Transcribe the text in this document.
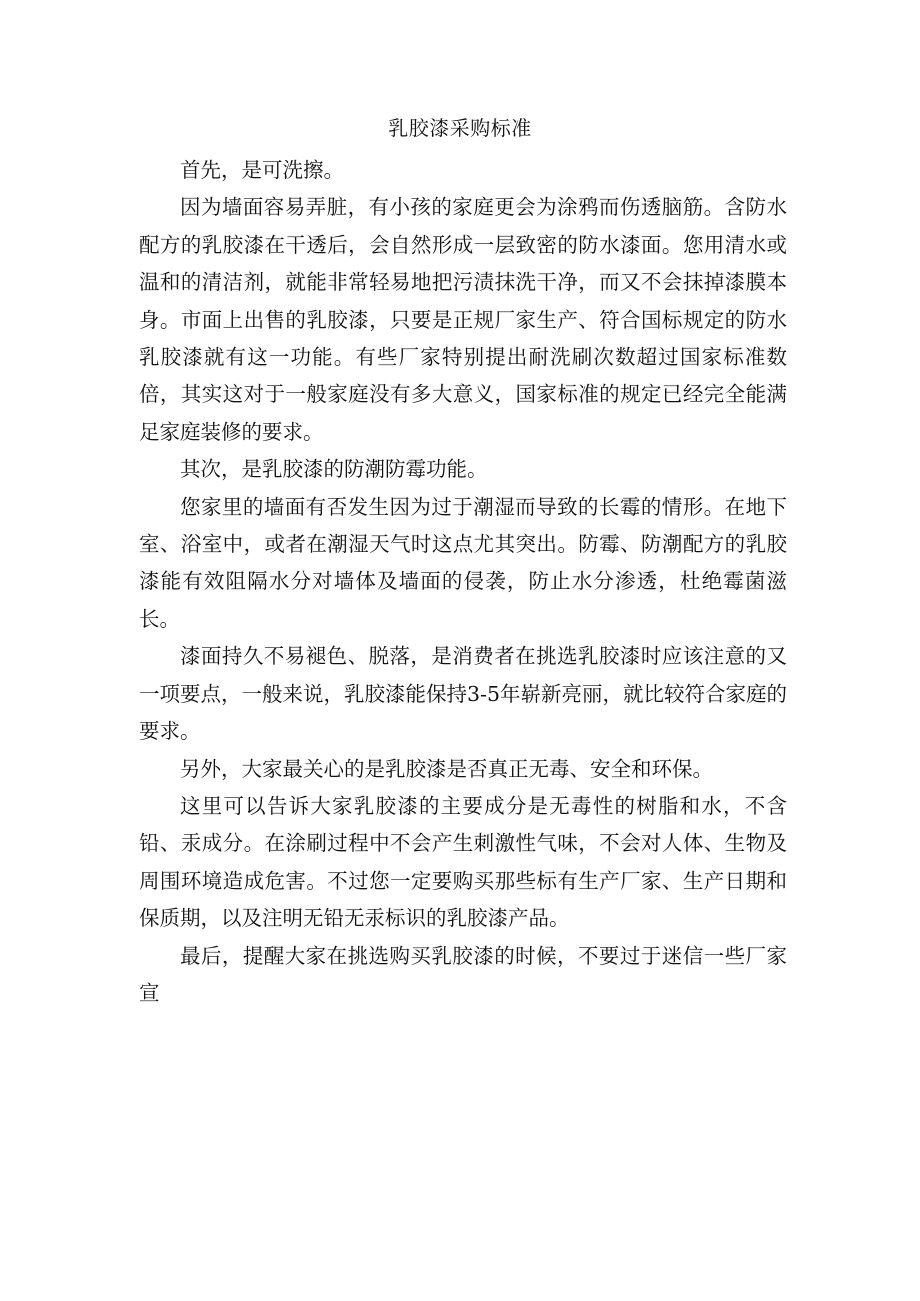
乳胶漆采购标准

首先，是可洗擦。

因为墙面容易弄脏，有小孩的家庭更会为涂鸦而伤透脑筋。含防水配方的乳胶漆在干透后，会自然形成一层致密的防水漆面。您用清水或温和的清洁剂，就能非常轻易地把污渍抹洗干净，而又不会抹掉漆膜本身。市面上出售的乳胶漆，只要是正规厂家生产、符合国标规定的防水乳胶漆就有这一功能。有些厂家特别提出耐洗刷次数超过国家标准数倍，其实这对于一般家庭没有多大意义，国家标准的规定已经完全能满足家庭装修的要求。

其次，是乳胶漆的防潮防霉功能。

您家里的墙面有否发生因为过于潮湿而导致的长霉的情形。在地下室、浴室中，或者在潮湿天气时这点尤其突出。防霉、防潮配方的乳胶漆能有效阻隔水分对墙体及墙面的侵袭，防止水分渗透，杜绝霉菌滋长。

漆面持久不易褪色、脱落，是消费者在挑选乳胶漆时应该注意的又一项要点，一般来说，乳胶漆能保持3-5年崭新亮丽，就比较符合家庭的要求。

另外，大家最关心的是乳胶漆是否真正无毒、安全和环保。

这里可以告诉大家乳胶漆的主要成分是无毒性的树脂和水，不含铅、汞成分。在涂刷过程中不会产生刺激性气味，不会对人体、生物及周围环境造成危害。不过您一定要购买那些标有生产厂家、生产日期和保质期，以及注明无铅无汞标识的乳胶漆产品。

最后，提醒大家在挑选购买乳胶漆的时候，不要过于迷信一些厂家宣
